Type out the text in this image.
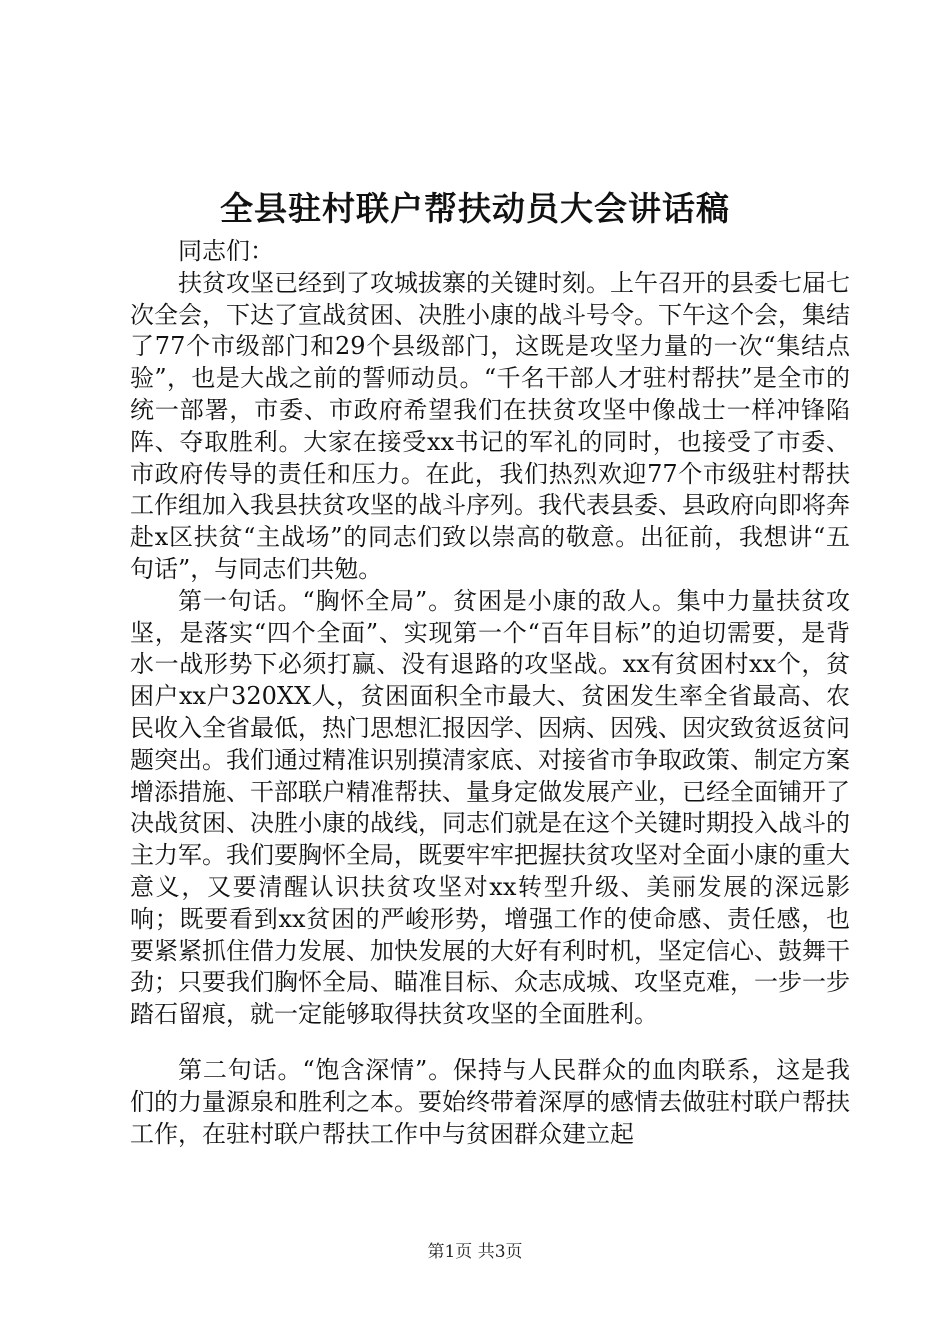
全县驻村联户帮扶动员大会讲话稿

同志们：

扶贫攻坚已经到了攻城拔寨的关键时刻。上午召开的县委七届七次全会，下达了宣战贫困、决胜小康的战斗号令。下午这个会，集结了77个市级部门和29个县级部门，这既是攻坚力量的一次“集结点验”，也是大战之前的誓师动员。“千名干部人才驻村帮扶”是全市的统一部署，市委、市政府希望我们在扶贫攻坚中像战士一样冲锋陷阵、夺取胜利。大家在接受xx书记的军礼的同时，也接受了市委、市政府传导的责任和压力。在此，我们热烈欢迎77个市级驻村帮扶工作组加入我县扶贫攻坚的战斗序列。我代表县委、县政府向即将奔赴x区扶贫“主战场”的同志们致以崇高的敬意。出征前，我想讲“五句话”，与同志们共勉。

第一句话。“胸怀全局”。贫困是小康的敌人。集中力量扶贫攻坚，是落实“四个全面”、实现第一个“百年目标”的迫切需要，是背水一战形势下必须打赢、没有退路的攻坚战。xx有贫困村xx个，贫困户xx户320XX人，贫困面积全市最大、贫困发生率全省最高、农民收入全省最低，热门思想汇报因学、因病、因残、因灾致贫返贫问题突出。我们通过精准识别摸清家底、对接省市争取政策、制定方案增添措施、干部联户精准帮扶、量身定做发展产业，已经全面铺开了决战贫困、决胜小康的战线，同志们就是在这个关键时期投入战斗的主力军。我们要胸怀全局，既要牢牢把握扶贫攻坚对全面小康的重大意义，又要清醒认识扶贫攻坚对xx转型升级、美丽发展的深远影响；既要看到xx贫困的严峻形势，增强工作的使命感、责任感，也要紧紧抓住借力发展、加快发展的大好有利时机，坚定信心、鼓舞干劲；只要我们胸怀全局、瞄准目标、众志成城、攻坚克难，一步一步踏石留痕，就一定能够取得扶贫攻坚的全面胜利。

第二句话。“饱含深情”。保持与人民群众的血肉联系，这是我们的力量源泉和胜利之本。要始终带着深厚的感情去做驻村联户帮扶工作，在驻村联户帮扶工作中与贫困群众建立起

第1页 共3页
